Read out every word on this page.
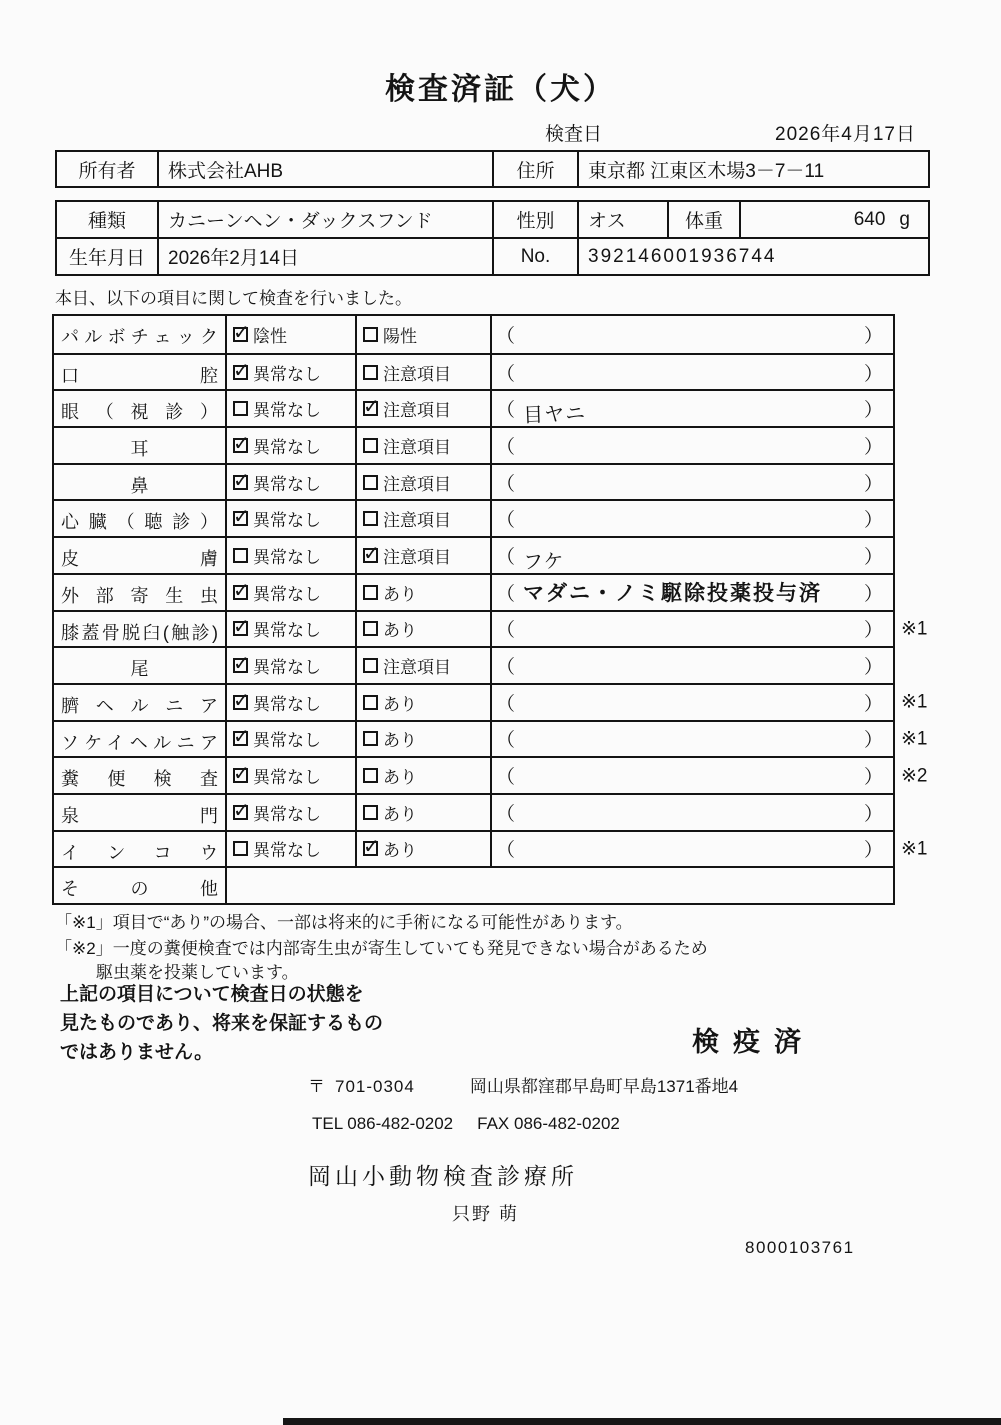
検査済証（犬）
検査日	2026年4月17日
所有者	株式会社AHB	住所	東京都 江東区木場3－7－11
種類	カニーンヘン・ダックスフンド	性別	オス	体重	640 g
生年月日	2026年2月14日	No.	392146001936744
本日、以下の項目に関して検査を行いました。
パルボチェック ✓	陰性	陽性	（	）
口腔 ✓	異常なし	注意項目 （	）
眼（視診）	異常なし ✓	注意項目 （ 目ヤニ	）
耳 ✓	異常なし	注意項目 （	）
鼻 ✓	異常なし	注意項目 （	）
心臓（聴診） ✓	異常なし	注意項目 （	）
皮膚	異常なし ✓	注意項目 （ フケ	）
外部寄生虫 ✓	異常なし	あり	（ マダニ・ノミ駆除投薬投与済	）
膝蓋骨脱臼(触診) ✓	異常なし	あり	（	） ※1
尾 ✓	異常なし	注意項目 （	）
臍ヘルニア ✓	異常なし	あり	（	） ※1
ソケイヘルニア ✓	異常なし	あり	（	） ※1
糞便検査 ✓	異常なし	あり	（	） ※2
泉門 ✓	異常なし	あり	（	）
インコウ	異常なし ✓	あり	（	） ※1
その他
「※1」項目で“あり”の場合、一部は将来的に手術になる可能性があります。
「※2」一度の糞便検査では内部寄生虫が寄生していても発見できない場合があるため
駆虫薬を投薬しています。
上記の項目について検査日の状態を
見たものであり、将来を保証するもの
ではありません。	検疫済
〒 701-0304	岡山県都窪郡早島町早島1371番地4
TEL 086-482-0202 FAX 086-482-0202
岡山小動物検査診療所
只野 萌
8000103761
